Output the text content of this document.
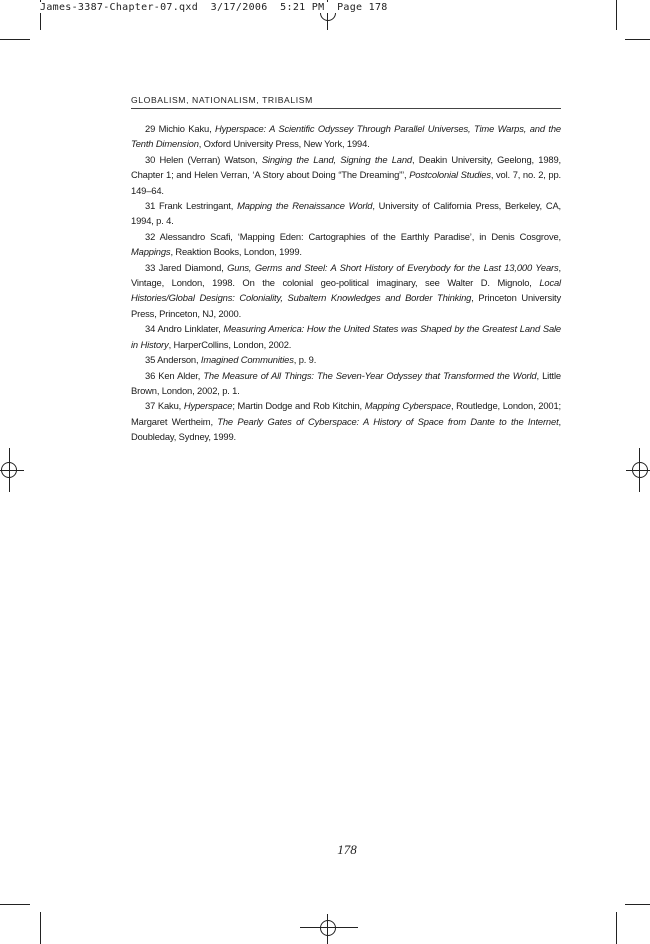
James-3387-Chapter-07.qxd  3/17/2006  5:21 PM  Page 178
GLOBALISM, NATIONALISM, TRIBALISM

29 Michio Kaku, Hyperspace: A Scientific Odyssey Through Parallel Universes, Time Warps, and the Tenth Dimension, Oxford University Press, New York, 1994.

30 Helen (Verran) Watson, Singing the Land, Signing the Land, Deakin University, Geelong, 1989, Chapter 1; and Helen Verran, ‘A Story about Doing “The Dreaming”’, Postcolonial Studies, vol. 7, no. 2, pp. 149–64.

31 Frank Lestringant, Mapping the Renaissance World, University of California Press, Berkeley, CA, 1994, p. 4.

32 Alessandro Scafi, ‘Mapping Eden: Cartographies of the Earthly Paradise’, in Denis Cosgrove, Mappings, Reaktion Books, London, 1999.

33 Jared Diamond, Guns, Germs and Steel: A Short History of Everybody for the Last 13,000 Years, Vintage, London, 1998. On the colonial geo-political imaginary, see Walter D. Mignolo, Local Histories/Global Designs: Coloniality, Subaltern Knowledges and Border Thinking, Princeton University Press, Princeton, NJ, 2000.

34 Andro Linklater, Measuring America: How the United States was Shaped by the Greatest Land Sale in History, HarperCollins, London, 2002.

35 Anderson, Imagined Communities, p. 9.

36 Ken Alder, The Measure of All Things: The Seven-Year Odyssey that Transformed the World, Little Brown, London, 2002, p. 1.

37 Kaku, Hyperspace; Martin Dodge and Rob Kitchin, Mapping Cyberspace, Routledge, London, 2001; Margaret Wertheim, The Pearly Gates of Cyberspace: A History of Space from Dante to the Internet, Doubleday, Sydney, 1999.

178
